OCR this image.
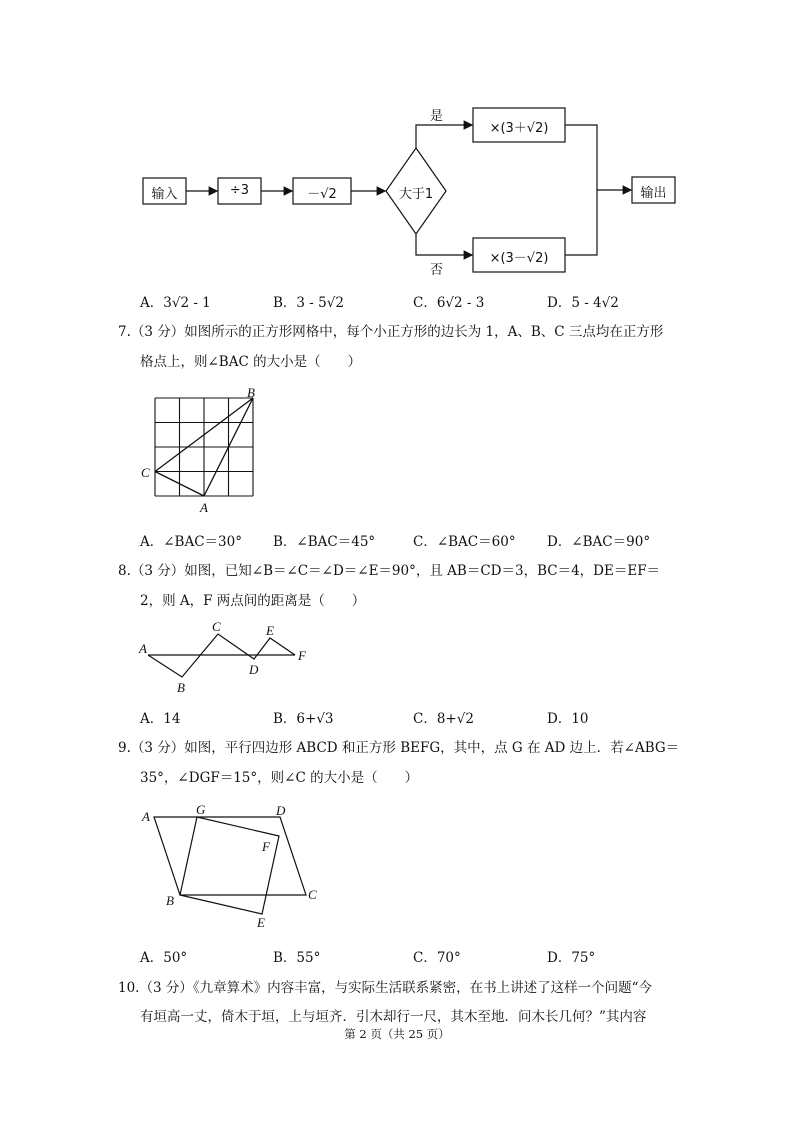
输入	÷3	－√2	大于1
是
否
×(3＋√2)
×(3－√2)
输出
A．3√2 - 1	B．3 - 5√2	C．6√2 - 3	D．5 - 4√2
7.（3 分）如图所示的正方形网格中，每个小正方形的边长为 1，A、B、C 三点均在正方形
格点上，则∠BAC 的大小是（　　）
B
C
A
A．∠BAC＝30° B．∠BAC＝45°	C．∠BAC＝60° D．∠BAC＝90°
8.（3 分）如图，已知∠B＝∠C＝∠D＝∠E＝90°，且 AB＝CD＝3，BC＝4，DE＝EF＝
2，则 A，F 两点间的距离是（　　）
A
B
C
D
E
F
A．14	B．6+√3	C．8+√2	D．10
9.（3 分）如图，平行四边形 ABCD 和正方形 BEFG，其中，点 G 在 AD 边上．若∠ABG＝
35°，∠DGF＝15°，则∠C 的大小是（　　）
A	G	D
F
B	C
E
A．50°	B．55°	C．70°	D．75°
10.（3 分）《九章算术》内容丰富，与实际生活联系紧密，在书上讲述了这样一个问题“今
有垣高一丈，倚木于垣，上与垣齐．引木却行一尺，其木至地．问木长几何？”其内容
第 2 页（共 25 页）
